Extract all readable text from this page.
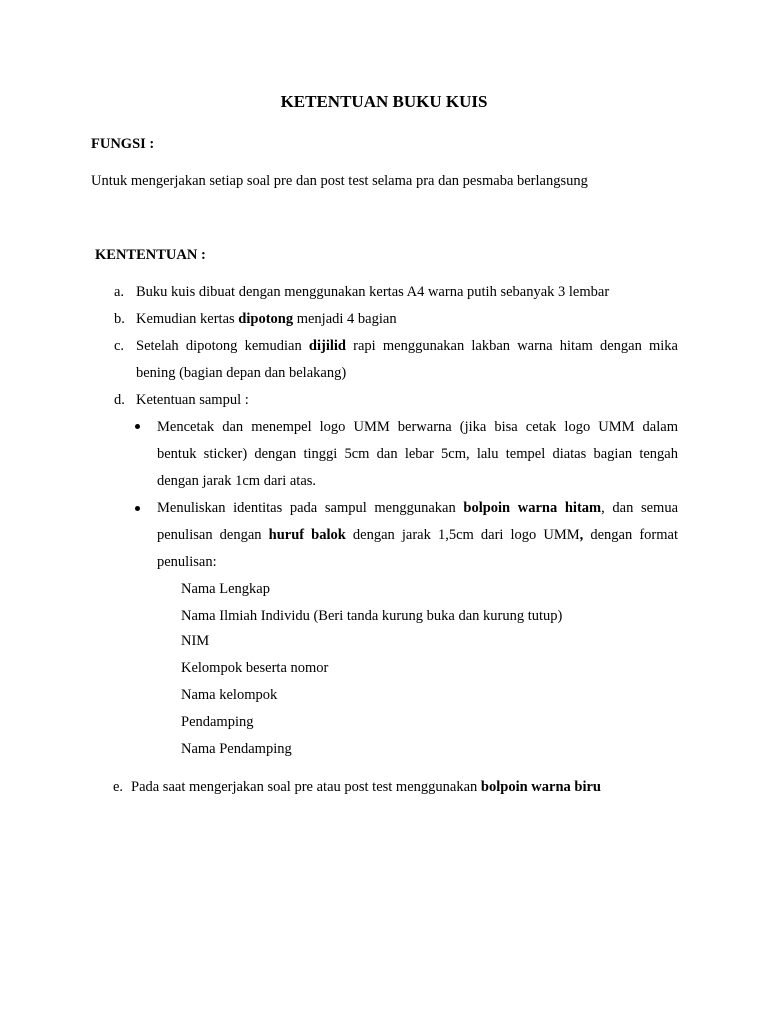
KETENTUAN BUKU KUIS
FUNGSI :
Untuk mengerjakan setiap soal pre dan post test selama pra dan pesmaba berlangsung
KENTENTUAN :
a. Buku kuis dibuat dengan menggunakan kertas A4 warna putih sebanyak 3 lembar
b. Kemudian kertas dipotong menjadi 4 bagian
c. Setelah dipotong kemudian dijilid rapi menggunakan lakban warna hitam dengan mika
bening (bagian depan dan belakang)
d. Ketentuan sampul :
Mencetak dan menempel logo UMM berwarna (jika bisa cetak logo UMM dalam
bentuk sticker) dengan tinggi 5cm dan lebar 5cm, lalu tempel diatas bagian tengah
dengan jarak 1cm dari atas.
Menuliskan identitas pada sampul menggunakan bolpoin warna hitam, dan semua
penulisan dengan huruf balok dengan jarak 1,5cm dari logo UMM, dengan format
penulisan:
Nama Lengkap
Nama Ilmiah Individu (Beri tanda kurung buka dan kurung tutup)
NIM
Kelompok beserta nomor
Nama kelompok
Pendamping
Nama Pendamping
e. Pada saat mengerjakan soal pre atau post test menggunakan bolpoin warna biru
